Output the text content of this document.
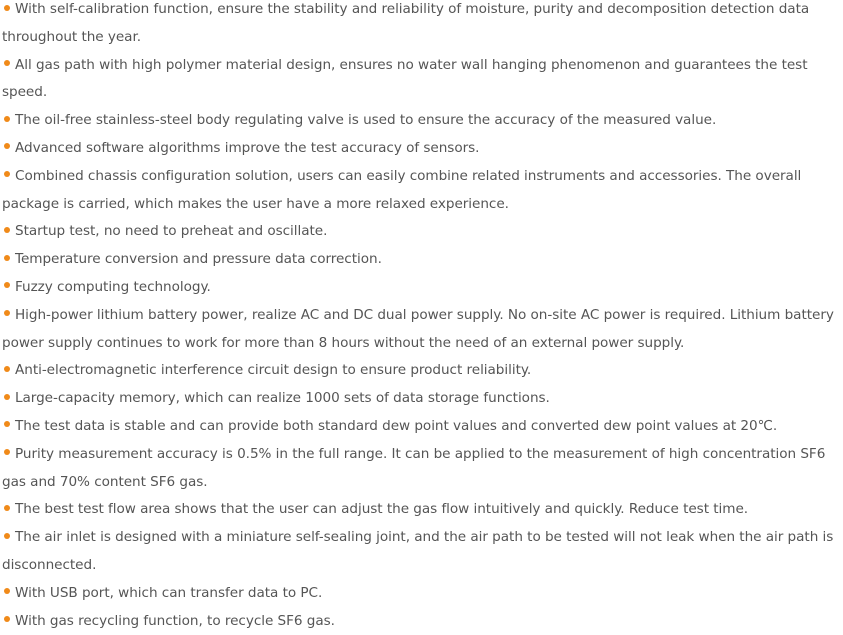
With self-calibration function, ensure the stability and reliability of moisture, purity and decomposition detection data throughout the year.

All gas path with high polymer material design, ensures no water wall hanging phenomenon and guarantees the test speed.

The oil-free stainless-steel body regulating valve is used to ensure the accuracy of the measured value.

Advanced software algorithms improve the test accuracy of sensors.

Combined chassis configuration solution, users can easily combine related instruments and accessories. The overall package is carried, which makes the user have a more relaxed experience.

Startup test, no need to preheat and oscillate.

Temperature conversion and pressure data correction.

Fuzzy computing technology.

High-power lithium battery power, realize AC and DC dual power supply. No on-site AC power is required. Lithium battery power supply continues to work for more than 8 hours without the need of an external power supply.

Anti-electromagnetic interference circuit design to ensure product reliability.

Large-capacity memory, which can realize 1000 sets of data storage functions.

The test data is stable and can provide both standard dew point values and converted dew point values at 20℃.

Purity measurement accuracy is 0.5% in the full range. It can be applied to the measurement of high concentration SF6 gas and 70% content SF6 gas.

The best test flow area shows that the user can adjust the gas flow intuitively and quickly. Reduce test time.

The air inlet is designed with a miniature self-sealing joint, and the air path to be tested will not leak when the air path is disconnected.

With USB port, which can transfer data to PC.

With gas recycling function, to recycle SF6 gas.
